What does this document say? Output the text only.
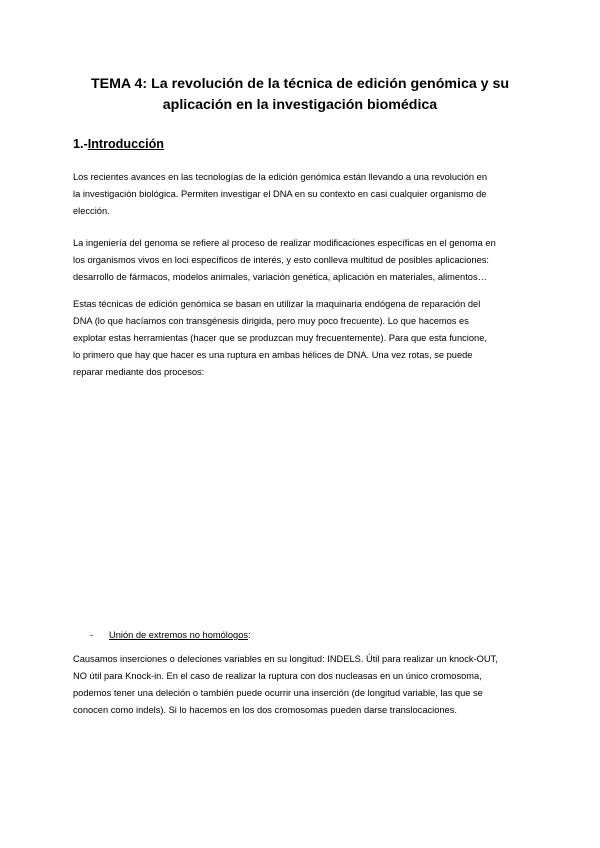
TEMA 4: La revolución de la técnica de edición genómica y su
aplicación en la investigación biomédica
1.-Introducción

Los recientes avances en las tecnologías de la edición genómica están llevando a una revolución en
la investigación biológica. Permiten investigar el DNA en su contexto en casi cualquier organismo de
elección.

La ingeniería del genoma se refiere al proceso de realizar modificaciones específicas en el genoma en
los organismos vivos en loci específicos de interés, y esto conlleva multitud de posibles aplicaciones:
desarrollo de fármacos, modelos animales, variación genética, aplicación en materiales, alimentos…

Estas técnicas de edición genómica se basan en utilizar la maquinaria endógena de reparación del
DNA (lo que hacíamos con transgénesis dirigida, pero muy poco frecuente). Lo que hacemos es
explotar estas herramientas (hacer que se produzcan muy frecuentemente). Para que esta funcione,
lo primero que hay que hacer es una ruptura en ambas hélices de DNA. Una vez rotas, se puede
reparar mediante dos procesos:

- Unión de extremos no homólogos:

Causamos inserciones o deleciones variables en su longitud: INDELS. Útil para realizar un knock-OUT,
NO útil para Knock-in. En el caso de realizar la ruptura con dos nucleasas en un único cromosoma,
podemos tener una deleción o también puede ocurrir una inserción (de longitud variable, las que se
conocen como indels). Si lo hacemos en los dos cromosomas pueden darse translocaciones.
